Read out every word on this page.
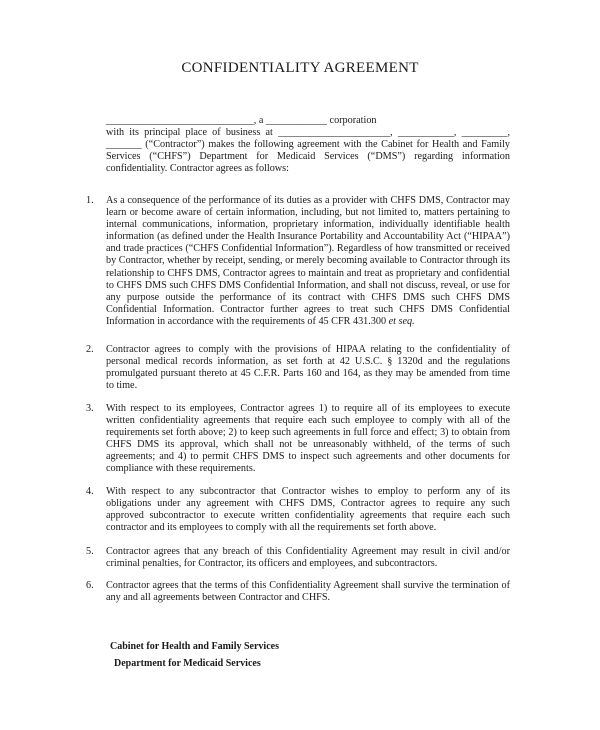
CONFIDENTIALITY AGREEMENT
_____________________________, a ____________ corporation
with its principal place of business at ______________________, ___________, _________, _______ (“Contractor”) makes the following agreement with the Cabinet for Health and Family Services (“CHFS”) Department for Medicaid Services (“DMS”) regarding information confidentiality. Contractor agrees as follows:
1. As a consequence of the performance of its duties as a provider with CHFS DMS, Contractor may learn or become aware of certain information, including, but not limited to, matters pertaining to internal communications, information, proprietary information, individually identifiable health information (as defined under the Health Insurance Portability and Accountability Act (“HIPAA”) and trade practices (“CHFS Confidential Information”). Regardless of how transmitted or received by Contractor, whether by receipt, sending, or merely becoming available to Contractor through its relationship to CHFS DMS, Contractor agrees to maintain and treat as proprietary and confidential to CHFS DMS such CHFS DMS Confidential Information, and shall not discuss, reveal, or use for any purpose outside the performance of its contract with CHFS DMS such CHFS DMS Confidential Information. Contractor further agrees to treat such CHFS DMS Confidential Information in accordance with the requirements of 45 CFR 431.300 et seq.
2. Contractor agrees to comply with the provisions of HIPAA relating to the confidentiality of personal medical records information, as set forth at 42 U.S.C. § 1320d and the regulations promulgated pursuant thereto at 45 C.F.R. Parts 160 and 164, as they may be amended from time to time.
3. With respect to its employees, Contractor agrees 1) to require all of its employees to execute written confidentiality agreements that require each such employee to comply with all of the requirements set forth above; 2) to keep such agreements in full force and effect; 3) to obtain from CHFS DMS its approval, which shall not be unreasonably withheld, of the terms of such agreements; and 4) to permit CHFS DMS to inspect such agreements and other documents for compliance with these requirements.
4. With respect to any subcontractor that Contractor wishes to employ to perform any of its obligations under any agreement with CHFS DMS, Contractor agrees to require any such approved subcontractor to execute written confidentiality agreements that require each such contractor and its employees to comply with all the requirements set forth above.
5. Contractor agrees that any breach of this Confidentiality Agreement may result in civil and/or criminal penalties, for Contractor, its officers and employees, and subcontractors.
6. Contractor agrees that the terms of this Confidentiality Agreement shall survive the termination of any and all agreements between Contractor and CHFS.
Cabinet for Health and Family Services
Department for Medicaid Services
